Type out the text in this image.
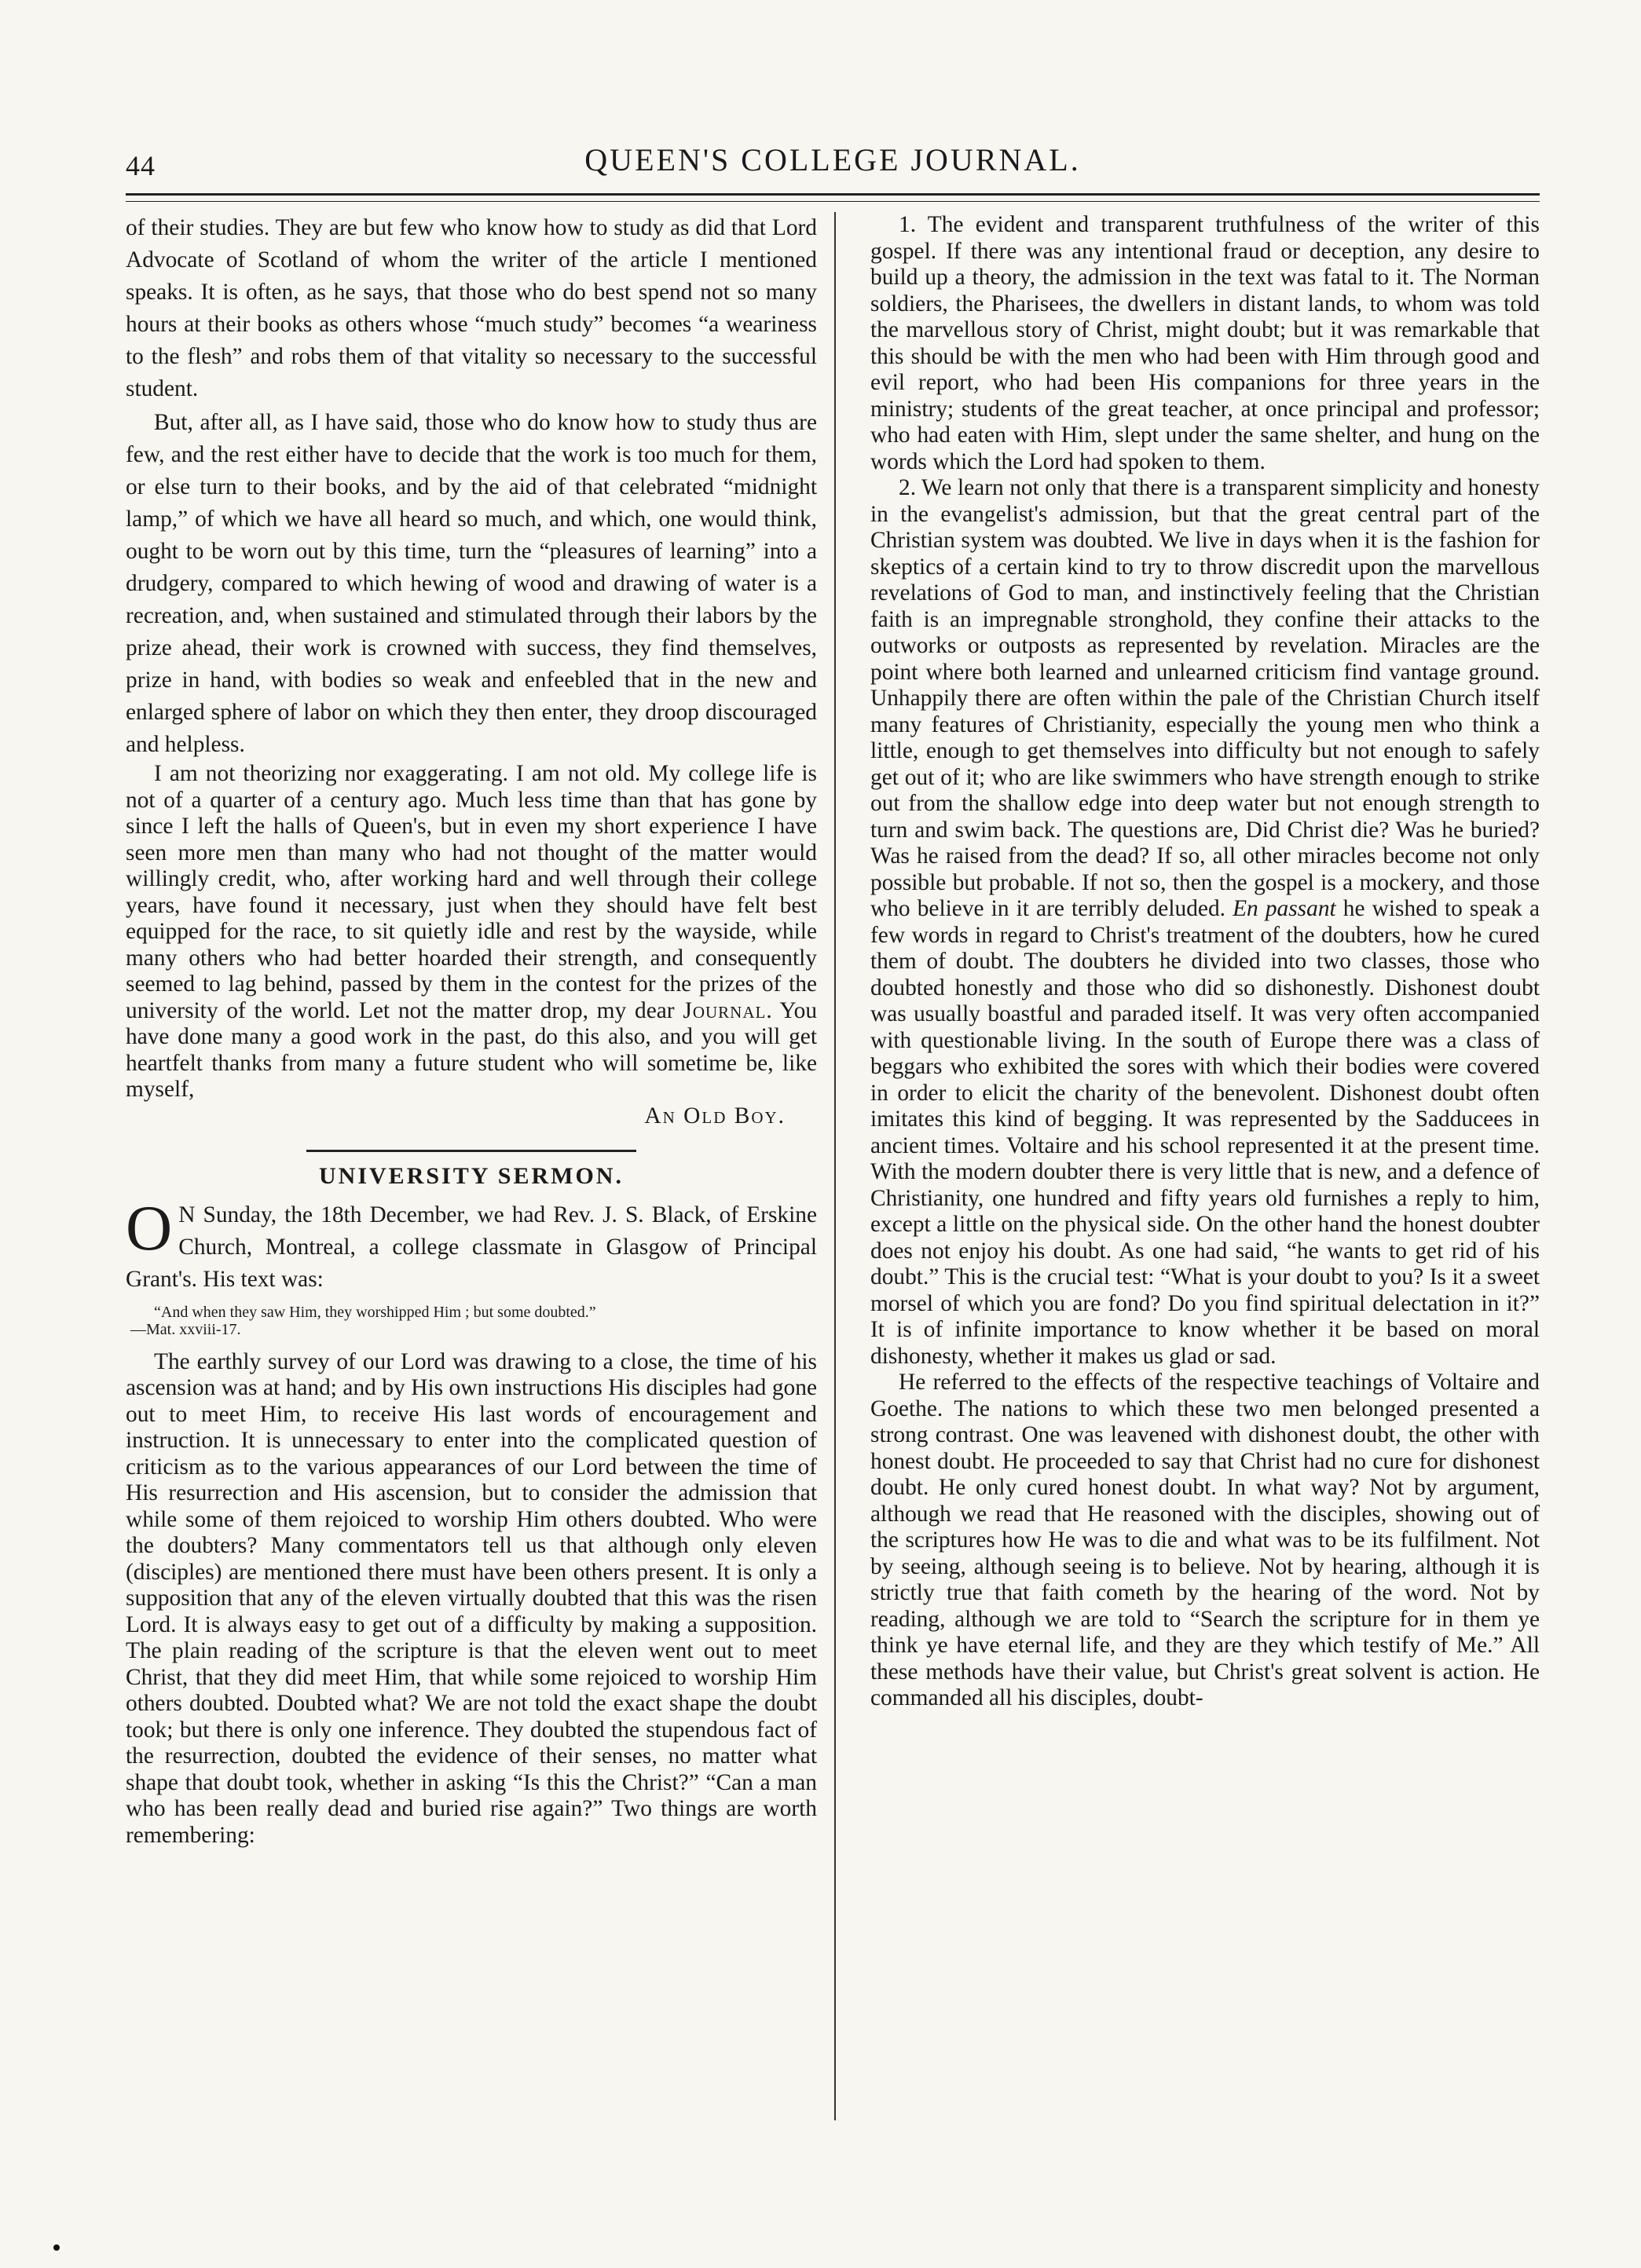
44	QUEEN'S COLLEGE JOURNAL.

of their studies. They are but few who know how to study as did that Lord Advocate of Scotland of whom the writer of the article I mentioned speaks. It is often, as he says, that those who do best spend not so many hours at their books as others whose “much study” becomes “a weariness to the flesh” and robs them of that vitality so necessary to the successful student.

But, after all, as I have said, those who do know how to study thus are few, and the rest either have to decide that the work is too much for them, or else turn to their books, and by the aid of that celebrated “midnight lamp,” of which we have all heard so much, and which, one would think, ought to be worn out by this time, turn the “pleasures of learning” into a drudgery, compared to which hewing of wood and drawing of water is a recreation, and, when sustained and stimulated through their labors by the prize ahead, their work is crowned with success, they find themselves, prize in hand, with bodies so weak and enfeebled that in the new and enlarged sphere of labor on which they then enter, they droop discouraged and helpless.

I am not theorizing nor exaggerating. I am not old. My college life is not of a quarter of a century ago. Much less time than that has gone by since I left the halls of Queen's, but in even my short experience I have seen more men than many who had not thought of the matter would willingly credit, who, after working hard and well through their college years, have found it necessary, just when they should have felt best equipped for the race, to sit quietly idle and rest by the wayside, while many others who had better hoarded their strength, and consequently seemed to lag behind, passed by them in the contest for the prizes of the university of the world. Let not the matter drop, my dear Journal. You have done many a good work in the past, do this also, and you will get heartfelt thanks from many a future student who will sometime be, like myself,

An Old Boy.
UNIVERSITY SERMON.

O N Sunday, the 18th December, we had Rev. J. S. Black, of Erskine Church, Montreal, a college classmate in Glasgow of Principal Grant's. His text was:

“And when they saw Him, they worshipped Him ; but some doubted.”
—Mat. xxviii-17.

The earthly survey of our Lord was drawing to a close, the time of his ascension was at hand; and by His own instructions His disciples had gone out to meet Him, to receive His last words of encouragement and instruction. It is unnecessary to enter into the complicated question of criticism as to the various appearances of our Lord between the time of His resurrection and His ascension, but to consider the admission that while some of them rejoiced to worship Him others doubted. Who were the doubters? Many commentators tell us that although only eleven (disciples) are mentioned there must have been others present. It is only a supposition that any of the eleven virtually doubted that this was the risen Lord. It is always easy to get out of a difficulty by making a supposition. The plain reading of the scripture is that the eleven went out to meet Christ, that they did meet Him, that while some rejoiced to worship Him others doubted. Doubted what? We are not told the exact shape the doubt took; but there is only one inference. They doubted the stupendous fact of the resurrection, doubted the evidence of their senses, no matter what shape that doubt took, whether in asking “Is this the Christ?” “Can a man who has been really dead and buried rise again?” Two things are worth remembering:

1. The evident and transparent truthfulness of the writer of this gospel. If there was any intentional fraud or deception, any desire to build up a theory, the admission in the text was fatal to it. The Norman soldiers, the Pharisees, the dwellers in distant lands, to whom was told the marvellous story of Christ, might doubt; but it was remarkable that this should be with the men who had been with Him through good and evil report, who had been His companions for three years in the ministry; students of the great teacher, at once principal and professor; who had eaten with Him, slept under the same shelter, and hung on the words which the Lord had spoken to them.

2. We learn not only that there is a transparent simplicity and honesty in the evangelist's admission, but that the great central part of the Christian system was doubted. We live in days when it is the fashion for skeptics of a certain kind to try to throw discredit upon the marvellous revelations of God to man, and instinctively feeling that the Christian faith is an impregnable stronghold, they confine their attacks to the outworks or outposts as represented by revelation. Miracles are the point where both learned and unlearned criticism find vantage ground. Unhappily there are often within the pale of the Christian Church itself many features of Christianity, especially the young men who think a little, enough to get themselves into difficulty but not enough to safely get out of it; who are like swimmers who have strength enough to strike out from the shallow edge into deep water but not enough strength to turn and swim back. The questions are, Did Christ die? Was he buried? Was he raised from the dead? If so, all other miracles become not only possible but probable. If not so, then the gospel is a mockery, and those who believe in it are terribly deluded. En passant he wished to speak a few words in regard to Christ's treatment of the doubters, how he cured them of doubt. The doubters he divided into two classes, those who doubted honestly and those who did so dishonestly. Dishonest doubt was usually boastful and paraded itself. It was very often accompanied with questionable living. In the south of Europe there was a class of beggars who exhibited the sores with which their bodies were covered in order to elicit the charity of the benevolent. Dishonest doubt often imitates this kind of begging. It was represented by the Sadducees in ancient times. Voltaire and his school represented it at the present time. With the modern doubter there is very little that is new, and a defence of Christianity, one hundred and fifty years old furnishes a reply to him, except a little on the physical side. On the other hand the honest doubter does not enjoy his doubt. As one had said, “he wants to get rid of his doubt.” This is the crucial test: “What is your doubt to you? Is it a sweet morsel of which you are fond? Do you find spiritual delectation in it?” It is of infinite importance to know whether it be based on moral dishonesty, whether it makes us glad or sad.

He referred to the effects of the respective teachings of Voltaire and Goethe. The nations to which these two men belonged presented a strong contrast. One was leavened with dishonest doubt, the other with honest doubt. He proceeded to say that Christ had no cure for dishonest doubt. He only cured honest doubt. In what way? Not by argument, although we read that He reasoned with the disciples, showing out of the scriptures how He was to die and what was to be its fulfilment. Not by seeing, although seeing is to believe. Not by hearing, although it is strictly true that faith cometh by the hearing of the word. Not by reading, although we are told to “Search the scripture for in them ye think ye have eternal life, and they are they which testify of Me.” All these methods have their value, but Christ's great solvent is action. He commanded all his disciples, doubt-
